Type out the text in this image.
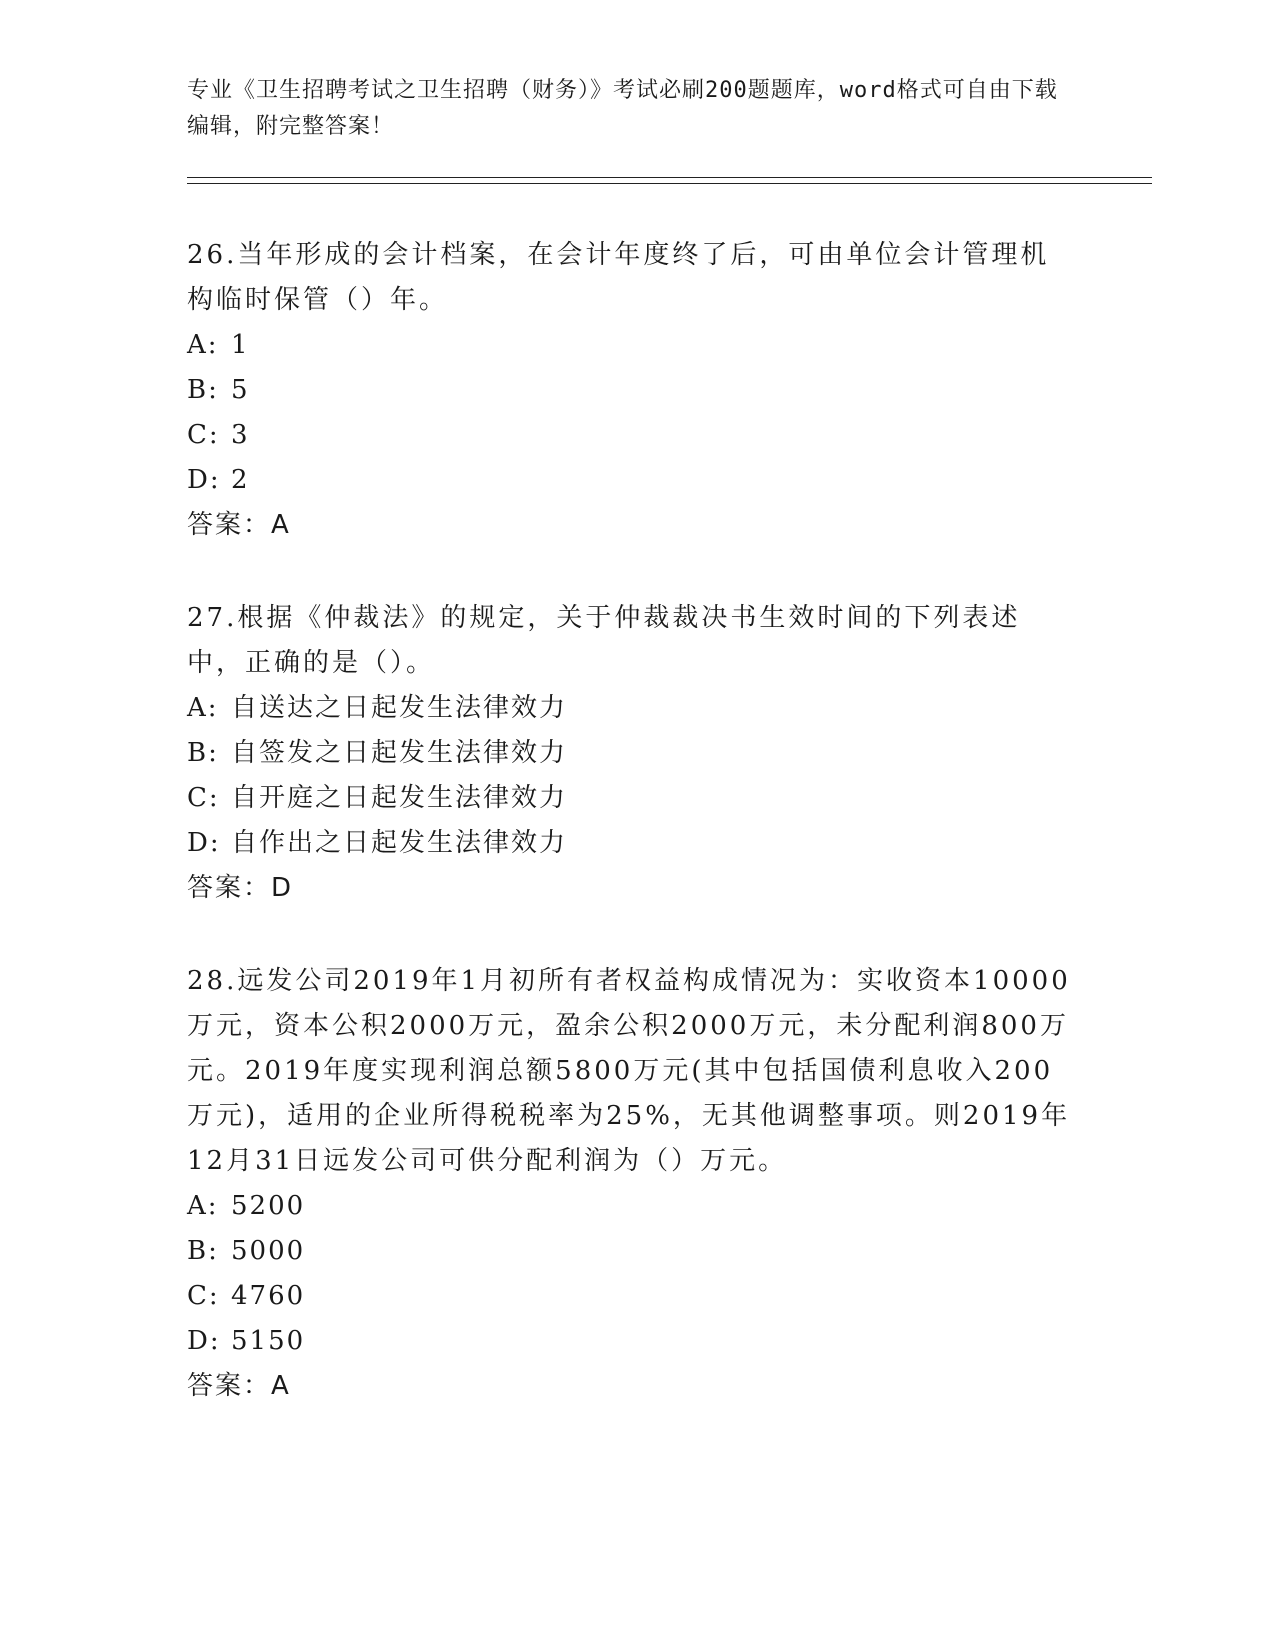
专业《卫生招聘考试之卫生招聘（财务）》考试必刷200题题库，word格式可自由下载编辑，附完整答案！

26.当年形成的会计档案，在会计年度终了后，可由单位会计管理机构临时保管（）年。

A: 1

B: 5

C: 3

D: 2

答案：A

27.根据《仲裁法》的规定，关于仲裁裁决书生效时间的下列表述中，正确的是（）。

A: 自送达之日起发生法律效力

B: 自签发之日起发生法律效力

C: 自开庭之日起发生法律效力

D: 自作出之日起发生法律效力

答案：D

28.远发公司2019年1月初所有者权益构成情况为：实收资本10000万元，资本公积2000万元，盈余公积2000万元，未分配利润800万元。2019年度实现利润总额5800万元(其中包括国债利息收入200万元)，适用的企业所得税税率为25%，无其他调整事项。则2019年12月31日远发公司可供分配利润为（）万元。

A: 5200

B: 5000

C: 4760

D: 5150

答案：A
